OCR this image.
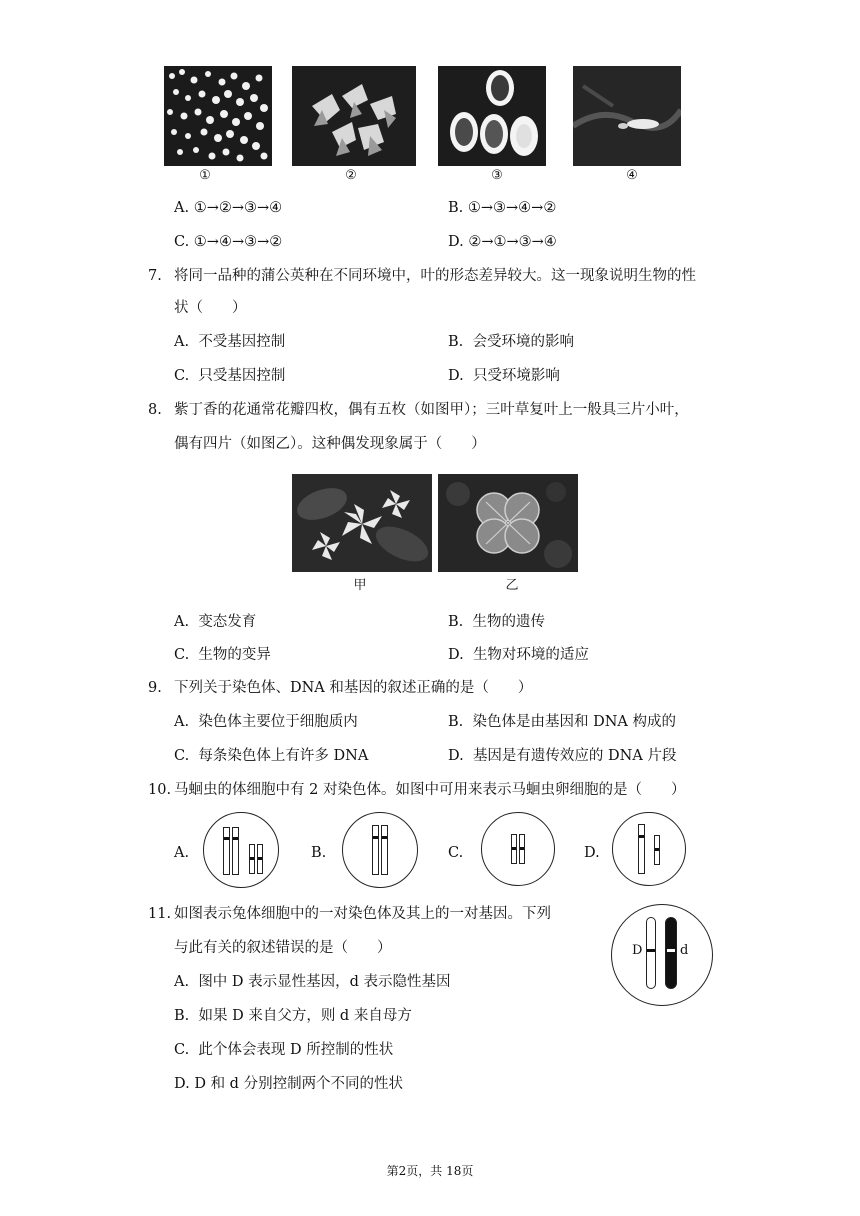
①	②	③	④
A. ①→②→③→④	B. ①→③→④→②
C. ①→④→③→②	D. ②→①→③→④
7. 将同一品种的蒲公英种在不同环境中，叶的形态差异较大。这一现象说明生物的性
状（　　）
A. 不受基因控制	B. 会受环境的影响
C. 只受基因控制	D. 只受环境影响
8. 紫丁香的花通常花瓣四枚，偶有五枚（如图甲）；三叶草复叶上一般具三片小叶，
偶有四片（如图乙）。这种偶发现象属于（　　）
甲	乙
A. 变态发育	B. 生物的遗传
C. 生物的变异	D. 生物对环境的适应
9. 下列关于染色体、DNA 和基因的叙述正确的是（　　）
A. 染色体主要位于细胞质内	B. 染色体是由基因和 DNA 构成的
C. 每条染色体上有许多 DNA	D. 基因是有遗传效应的 DNA 片段
10. 马蛔虫的体细胞中有 2 对染色体。如图中可用来表示马蛔虫卵细胞的是（　　）
A.	B.	C.	D.
11. 如图表示兔体细胞中的一对染色体及其上的一对基因。下列
与此有关的叙述错误的是（　　）	D	d
A. 图中 D 表示显性基因，d 表示隐性基因
B. 如果 D 来自父方，则 d 来自母方
C. 此个体会表现 D 所控制的性状
D. D 和 d 分别控制两个不同的性状
第2页，共 18页
